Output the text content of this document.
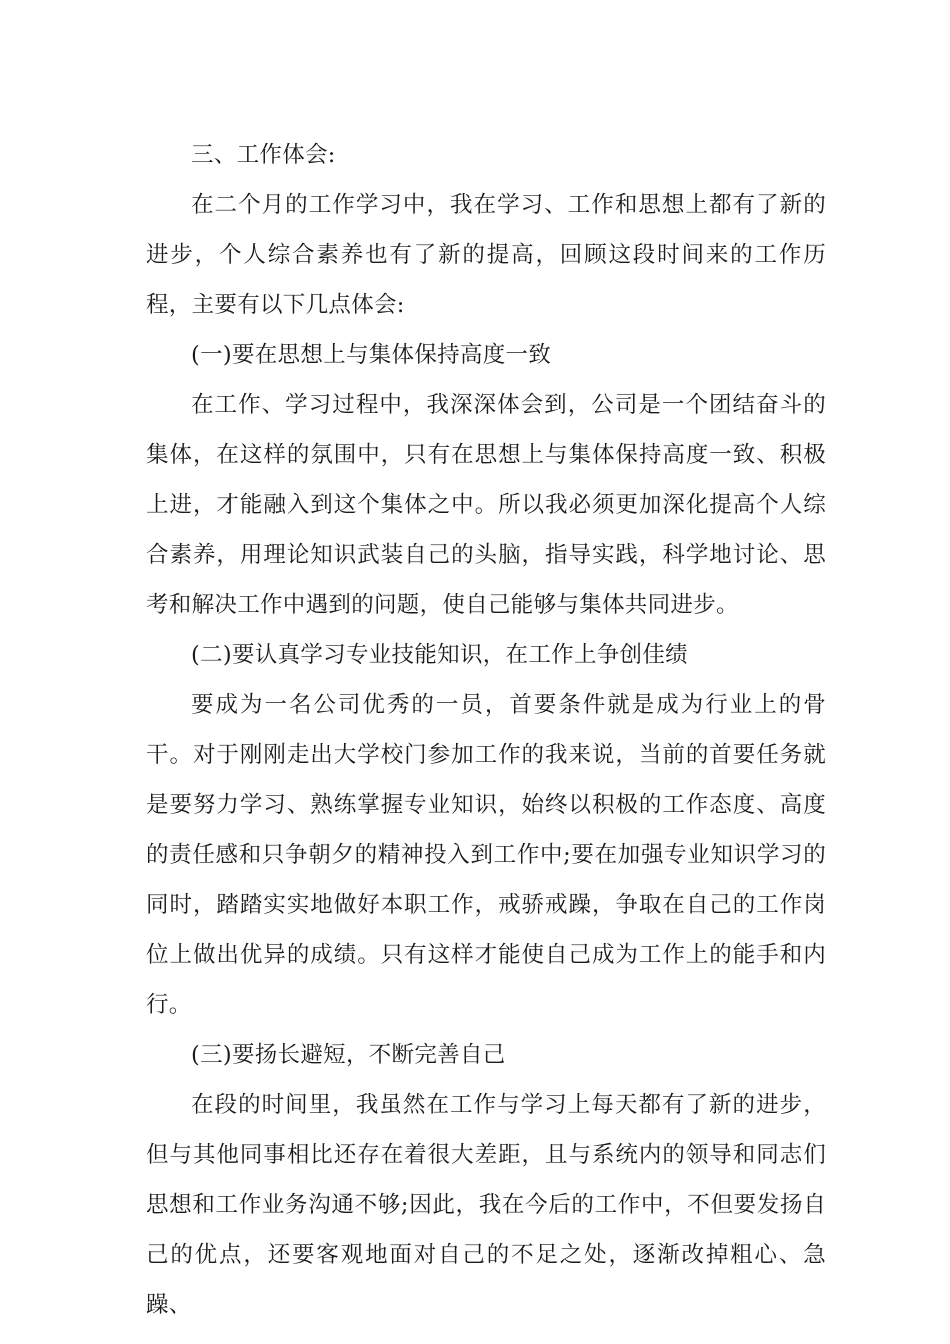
三、工作体会:

在二个月的工作学习中，我在学习、工作和思想上都有了新的进步，个人综合素养也有了新的提高，回顾这段时间来的工作历程，主要有以下几点体会:

(一)要在思想上与集体保持高度一致

在工作、学习过程中，我深深体会到，公司是一个团结奋斗的集体，在这样的氛围中，只有在思想上与集体保持高度一致、积极上进，才能融入到这个集体之中。所以我必须更加深化提高个人综合素养，用理论知识武装自己的头脑，指导实践，科学地讨论、思考和解决工作中遇到的问题，使自己能够与集体共同进步。

(二)要认真学习专业技能知识，在工作上争创佳绩

要成为一名公司优秀的一员，首要条件就是成为行业上的骨干。对于刚刚走出大学校门参加工作的我来说，当前的首要任务就是要努力学习、熟练掌握专业知识，始终以积极的工作态度、高度的责任感和只争朝夕的精神投入到工作中;要在加强专业知识学习的同时，踏踏实实地做好本职工作，戒骄戒躁，争取在自己的工作岗位上做出优异的成绩。只有这样才能使自己成为工作上的能手和内行。

(三)要扬长避短，不断完善自己

在段的时间里，我虽然在工作与学习上每天都有了新的进步，但与其他同事相比还存在着很大差距，且与系统内的领导和同志们思想和工作业务沟通不够;因此，我在今后的工作中，不但要发扬自己的优点，还要客观地面对自己的不足之处，逐渐改掉粗心、急躁、
